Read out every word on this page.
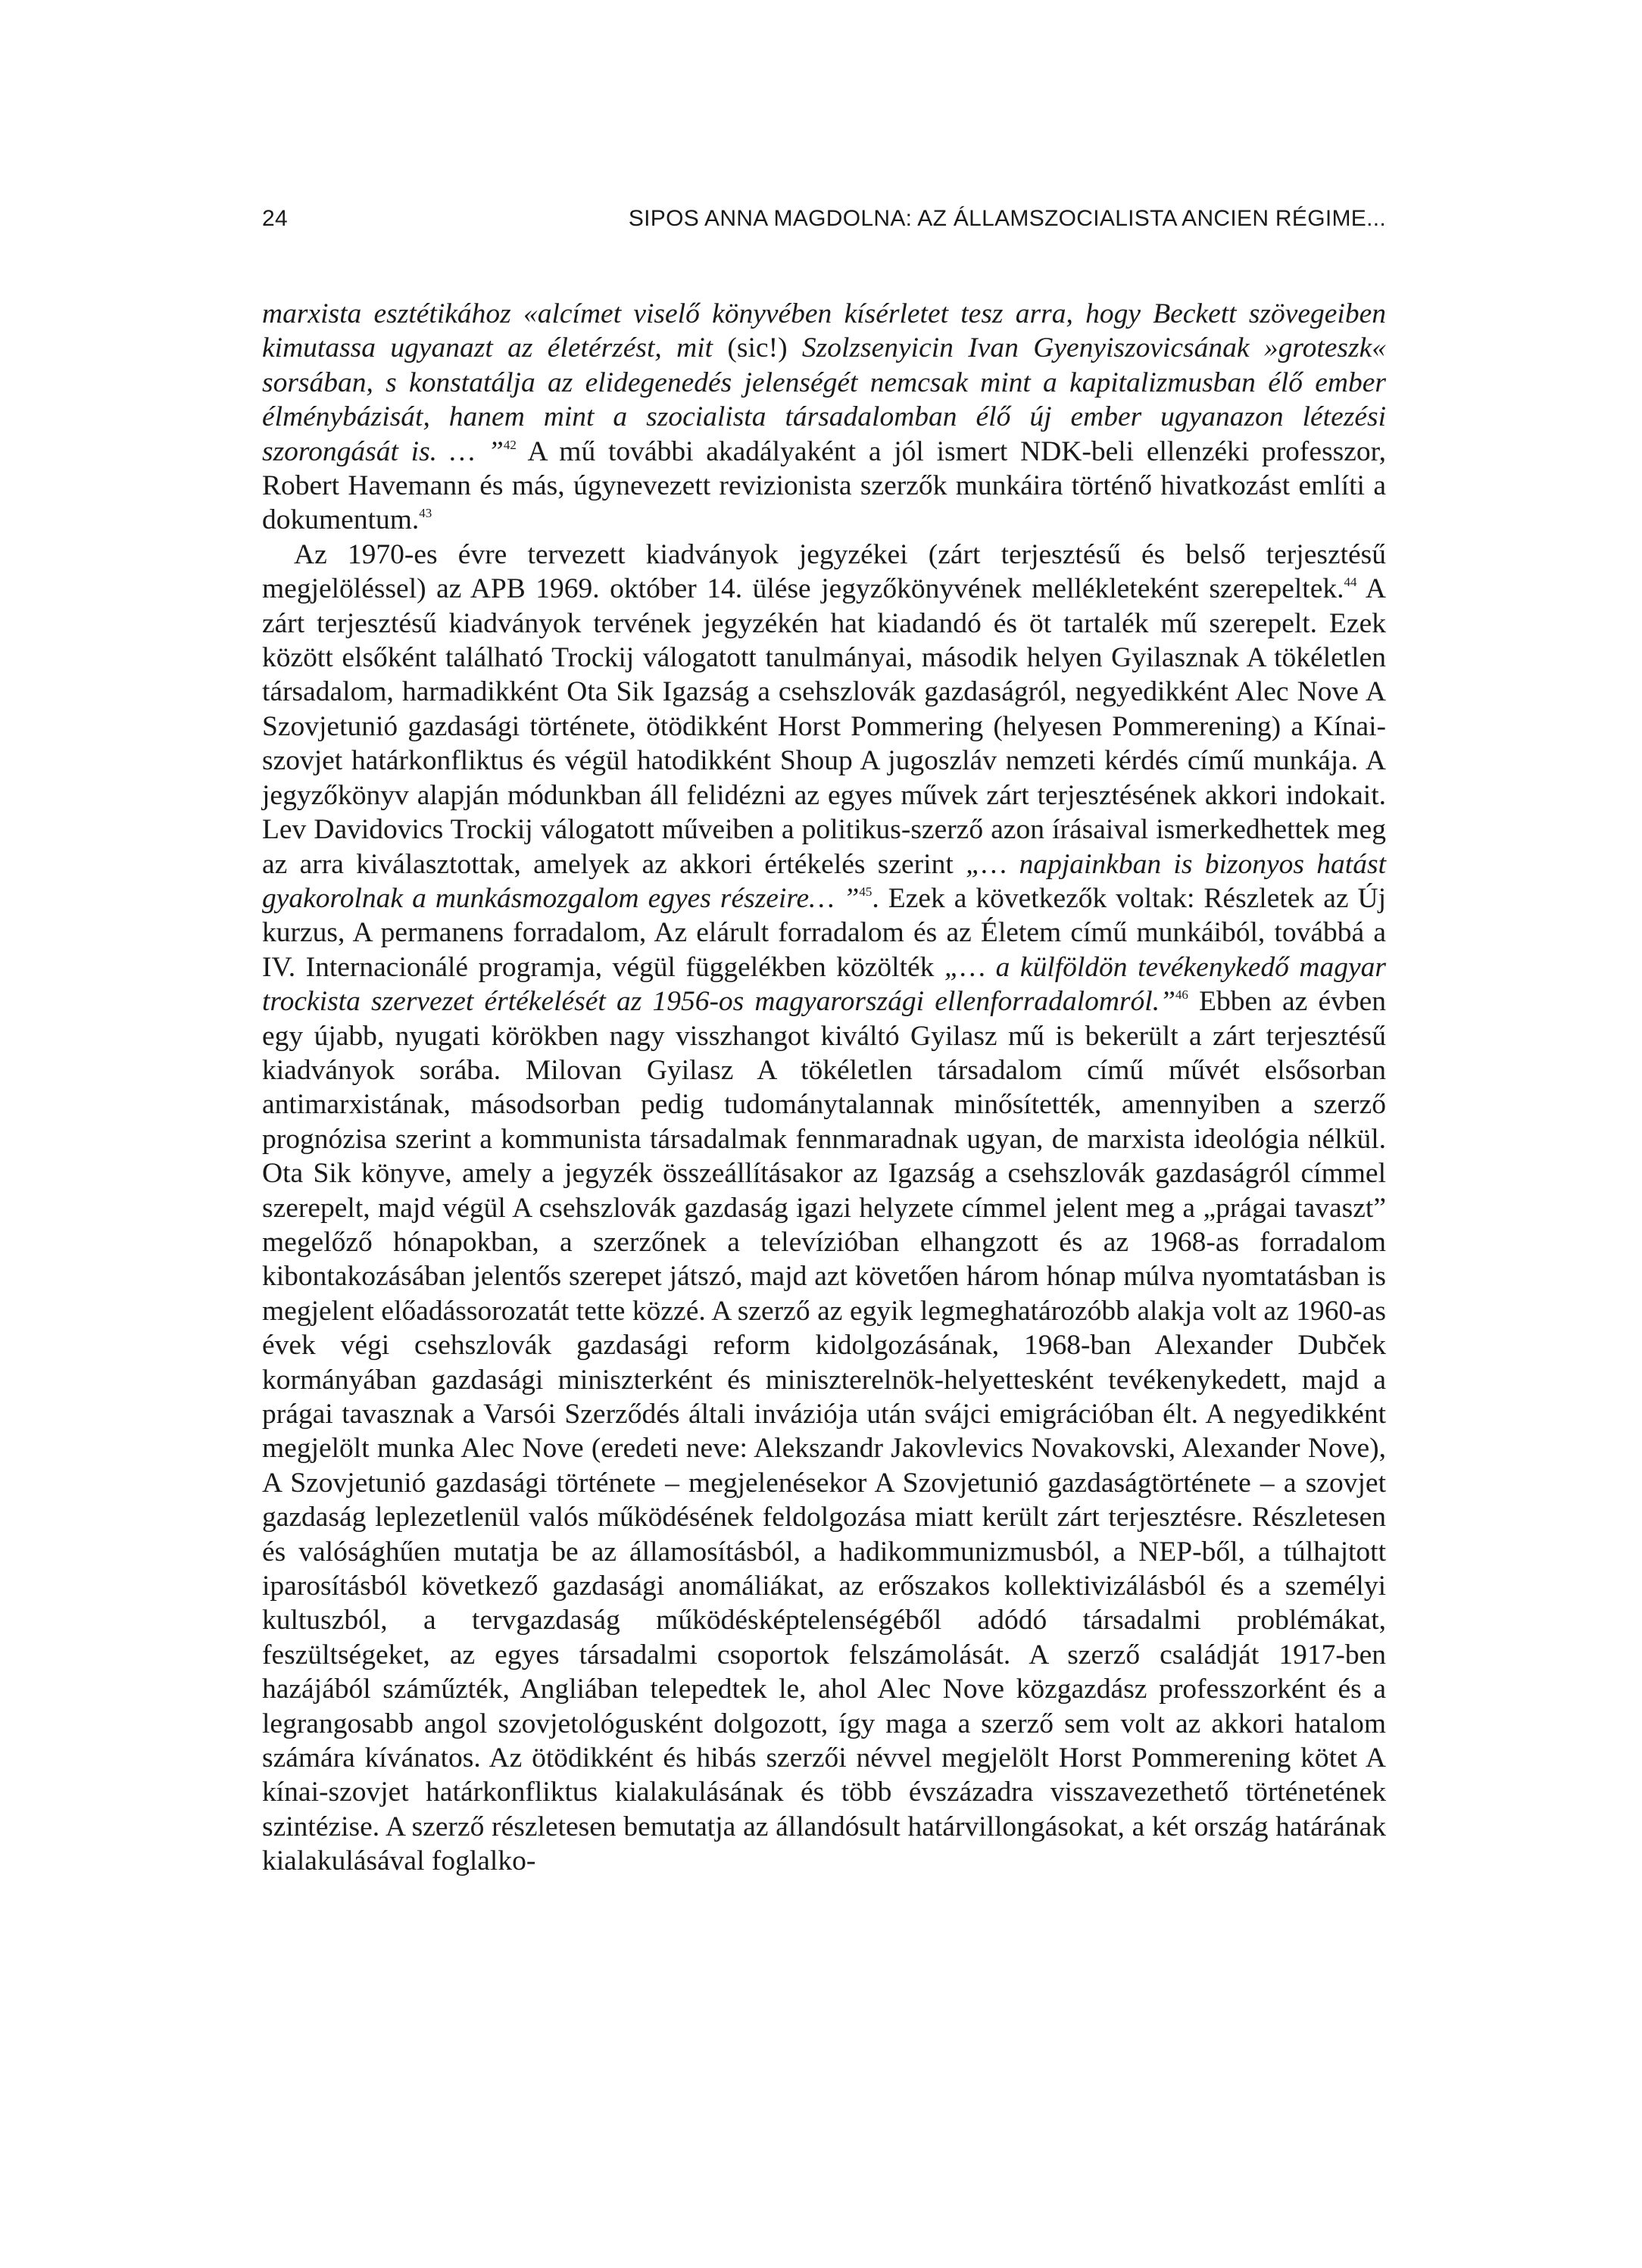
24	SIPOS ANNA MAGDOLNA: AZ ÁLLAMSZOCIALISTA ANCIEN RÉGIME...

marxista esztétikához «alcímet viselő könyvében kísérletet tesz arra, hogy Beckett szövegeiben kimutassa ugyanazt az életérzést, mit (sic!) Szolzsenyicin Ivan Gyenyiszovicsának »groteszk« sorsában, s konstatálja az elidegenedés jelenségét nemcsak mint a kapitalizmusban élő ember élménybázisát, hanem mint a szocialista társadalomban élő új ember ugyanazon létezési szorongását is. … ”$^{42}$ A mű további akadályaként a jól ismert NDK-beli ellenzéki professzor, Robert Havemann és más, úgynevezett revizionista szerzők munkáira történő hivatkozást említi a dokumentum.$^{43}$

Az 1970-es évre tervezett kiadványok jegyzékei (zárt terjesztésű és belső terjesztésű megjelöléssel) az APB 1969. október 14. ülése jegyzőkönyvének mellékleteként szerepeltek.$^{44}$ A zárt terjesztésű kiadványok tervének jegyzékén hat kiadandó és öt tartalék mű szerepelt. Ezek között elsőként található Trockij válogatott tanulmányai, második helyen Gyilasznak A tökéletlen társadalom, harmadikként Ota Sik Igazság a csehszlovák gazdaságról, negyedikként Alec Nove A Szovjetunió gazdasági története, ötödikként Horst Pommering (helyesen Pommerening) a Kínai-szovjet határkonfliktus és végül hatodikként Shoup A jugoszláv nemzeti kérdés című munkája. A jegyzőkönyv alapján módunkban áll felidézni az egyes művek zárt terjesztésének akkori indokait. Lev Davidovics Trockij válogatott műveiben a politikus-szerző azon írásaival ismerkedhettek meg az arra kiválasztottak, amelyek az akkori értékelés szerint „… napjainkban is bizonyos hatást gyakorolnak a munkásmozgalom egyes részeire… ”$^{45}$. Ezek a következők voltak: Részletek az Új kurzus, A permanens forradalom, Az elárult forradalom és az Életem című munkáiból, továbbá a IV. Internacionálé programja, végül függelékben közölték „… a külföldön tevékenykedő magyar trockista szervezet értékelését az 1956-os magyarországi ellenforradalomról.”$^{46}$ Ebben az évben egy újabb, nyugati körökben nagy visszhangot kiváltó Gyilasz mű is bekerült a zárt terjesztésű kiadványok sorába. Milovan Gyilasz A tökéletlen társadalom című művét elsősorban antimarxistának, másodsorban pedig tudománytalannak minősítették, amennyiben a szerző prognózisa szerint a kommunista társadalmak fennmaradnak ugyan, de marxista ideológia nélkül. Ota Sik könyve, amely a jegyzék összeállításakor az Igazság a csehszlovák gazdaságról címmel szerepelt, majd végül A csehszlovák gazdaság igazi helyzete címmel jelent meg a „prágai tavaszt” megelőző hónapokban, a szerzőnek a televízióban elhangzott és az 1968-as forradalom kibontakozásában jelentős szerepet játszó, majd azt követően három hónap múlva nyomtatásban is megjelent előadássorozatát tette közzé. A szerző az egyik legmeghatározóbb alakja volt az 1960-as évek végi csehszlovák gazdasági reform kidolgozásának, 1968-ban Alexander Dubček kormányában gazdasági miniszterként és miniszterelnök-helyettesként tevékenykedett, majd a prágai tavasznak a Varsói Szerződés általi inváziója után svájci emigrációban élt. A negyedikként megjelölt munka Alec Nove (eredeti neve: Alekszandr Jakovlevics Novakovski, Alexander Nove), A Szovjetunió gazdasági története – megjelenésekor A Szovjetunió gazdaságtörténete – a szovjet gazdaság leplezetlenül valós működésének feldolgozása miatt került zárt terjesztésre. Részletesen és valósághűen mutatja be az államosításból, a hadikommunizmusból, a NEP-ből, a túlhajtott iparosításból következő gazdasági anomáliákat, az erőszakos kollektivizálásból és a személyi kultuszból, a tervgazdaság működésképtelenségéből adódó társadalmi problémákat, feszültségeket, az egyes társadalmi csoportok felszámolását. A szerző családját 1917-ben hazájából száműzték, Angliában telepedtek le, ahol Alec Nove közgazdász professzorként és a legrangosabb angol szovjetológusként dolgozott, így maga a szerző sem volt az akkori hatalom számára kívánatos. Az ötödikként és hibás szerzői névvel megjelölt Horst Pommerening kötet A kínai-szovjet határkonfliktus kialakulásának és több évszázadra visszavezethető történetének szintézise. A szerző részletesen bemutatja az állandósult határvillongásokat, a két ország határának kialakulásával foglalko-
